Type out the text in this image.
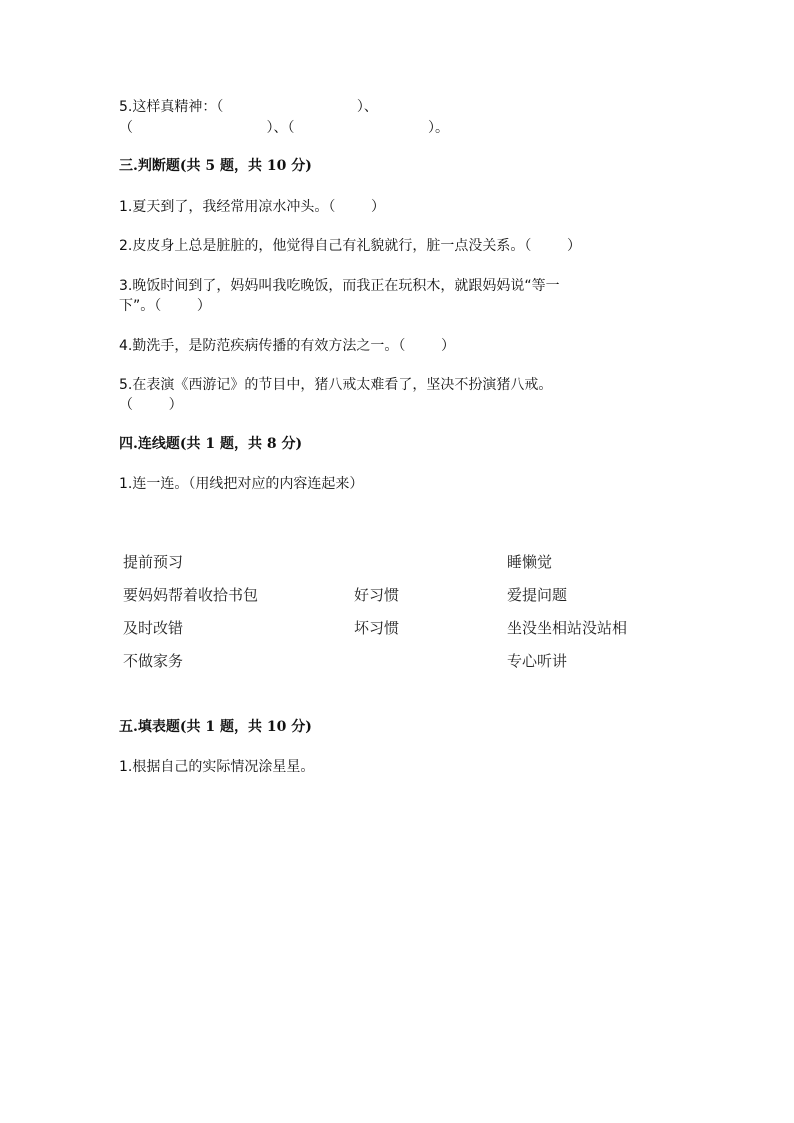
5.这样真精神：（                              ）、
（                              ）、（                              ）。
三.判断题(共 5 题，共 10 分)
1.夏天到了，我经常用凉水冲头。（        ）
2.皮皮身上总是脏脏的，他觉得自己有礼貌就行，脏一点没关系。（        ）
3.晚饭时间到了，妈妈叫我吃晚饭，而我正在玩积木，就跟妈妈说“等一
下”。（        ）
4.勤洗手，是防范疾病传播的有效方法之一。（        ）
5.在表演《西游记》的节目中，猪八戒太难看了，坚决不扮演猪八戒。
（        ）
四.连线题(共 1 题，共 8 分)
1.连一连。（用线把对应的内容连起来）
提前预习
要妈妈帮着收拾书包
及时改错
不做家务
好习惯
坏习惯
睡懒觉
爱提问题
坐没坐相站没站相
专心听讲
五.填表题(共 1 题，共 10 分)
1.根据自己的实际情况涂星星。
